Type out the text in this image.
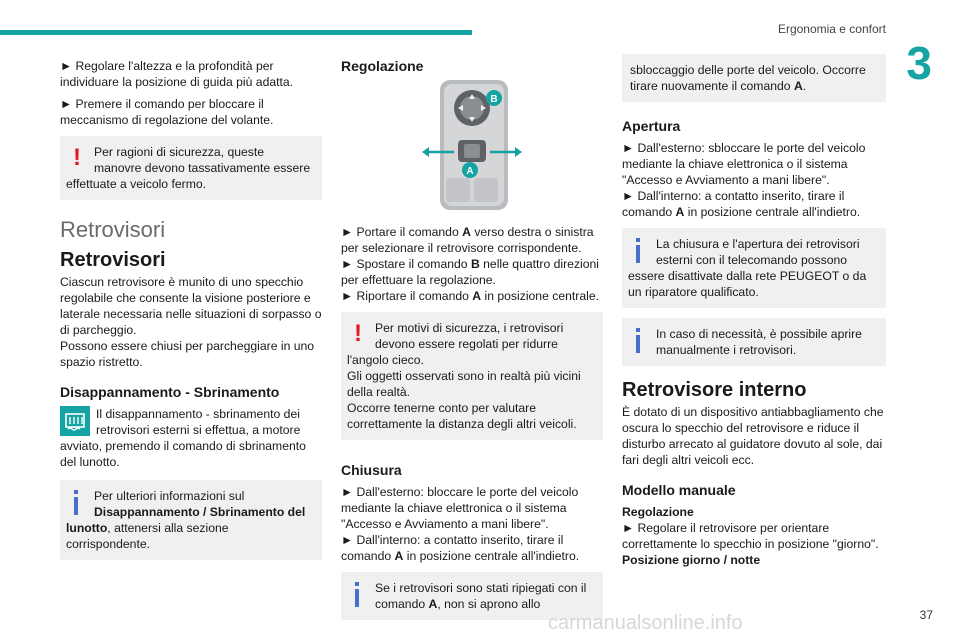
Ergonomia e confort
3

► Regolare l'altezza e la profondità per individuare la posizione di guida più adatta.

► Premere il comando per bloccare il meccanismo di regolazione del volante.

!	Per ragioni di sicurezza, queste manovre devono tassativamente essere effettuate a veicolo fermo.
Retrovisori
Retrovisori

Ciascun retrovisore è munito di uno specchio regolabile che consente la visione posteriore e laterale necessaria nelle situazioni di sorpasso o di parcheggio.

Possono essere chiusi per parcheggiare in uno spazio ristretto.

Disappannamento - Sbrinamento

Il disappannamento - sbrinamento dei retrovisori esterni si effettua, a motore avviato, premendo il comando di sbrinamento del lunotto.

Per ulteriori informazioni sul Disappannamento / Sbrinamento del lunotto, attenersi alla sezione corrispondente.
Regolazione
B
A

► Portare il comando A verso destra o sinistra per selezionare il retrovisore corrispondente.

► Spostare il comando B nelle quattro direzioni per effettuare la regolazione.

► Riportare il comando A in posizione centrale.

!	Per motivi di sicurezza, i retrovisori devono essere regolati per ridurre l'angolo cieco.
Gli oggetti osservati sono in realtà più vicini della realtà.
Occorre tenerne conto per valutare correttamente la distanza degli altri veicoli.
Chiusura

► Dall'esterno: bloccare le porte del veicolo mediante la chiave elettronica o il sistema "Accesso e Avviamento a mani libere".

► Dall'interno: a contatto inserito, tirare il comando A in posizione centrale all'indietro.

Se i retrovisori sono stati ripiegati con il comando A, non si aprono allo
sbloccaggio delle porte del veicolo. Occorre tirare nuovamente il comando A.
Apertura

► Dall'esterno: sbloccare le porte del veicolo mediante la chiave elettronica o il sistema "Accesso e Avviamento a mani libere".

► Dall'interno: a contatto inserito, tirare il comando A in posizione centrale all'indietro.

La chiusura e l'apertura dei retrovisori esterni con il telecomando possono essere disattivate dalla rete PEUGEOT o da un riparatore qualificato.
In caso di necessità, è possibile aprire manualmente i retrovisori.
Retrovisore interno

È dotato di un dispositivo antiabbagliamento che oscura lo specchio del retrovisore e riduce il disturbo arrecato al guidatore dovuto al sole, dai fari degli altri veicoli ecc.

Modello manuale

Regolazione

► Regolare il retrovisore per orientare correttamente lo specchio in posizione "giorno".

Posizione giorno / notte

carmanualsonline.info	37
